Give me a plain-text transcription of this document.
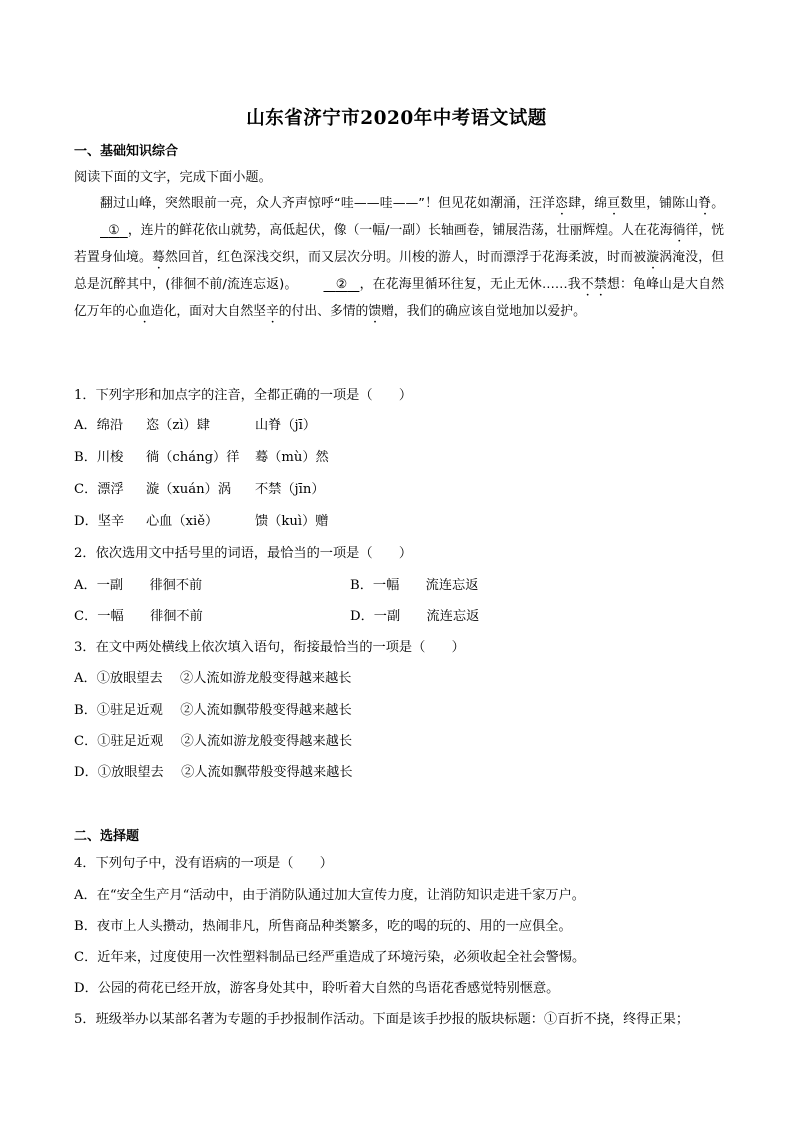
山东省济宁市2020年中考语文试题
一、基础知识综合
阅读下面的文字，完成下面小题。

翻过山峰，突然眼前一亮，众人齐声惊呼“哇——哇——”！但见花如潮涌，汪洋恣肆，绵亘数里，铺陈山脊。  ① ，连片的鲜花依山就势，高低起伏，像（一幅/一副）长轴画卷，铺展浩荡，壮丽辉煌。人在花海徜徉，恍若置身仙境。蓦然回首，红色深浅交织，而又层次分明。川梭的游人，时而漂浮于花海柔波，时而被漩涡淹没，但总是沉醉其中，(徘徊不前/流连忘返)。	② ，在花海里循环往复，无止无休……我不禁想：龟峰山是大自然亿万年的心血造化，面对大自然坚辛的付出、多情的馈赠，我们的确应该自觉地加以爱护。

1．下列字形和加点字的注音，全都正确的一项是（　　）
A．绵沿 恣（zì）肆	山脊（jī）
B．川梭 徜（cháng）徉 蓦（mù）然
C．漂浮 漩（xuán）涡 不禁（jīn）
D．坚辛 心血（xiě）	馈（kuì）赠
2．依次选用文中括号里的词语，最恰当的一项是（　　）
A．一副　　徘徊不前	B．一幅　　流连忘返
C．一幅　　徘徊不前	D．一副　　流连忘返
3．在文中两处横线上依次填入语句，衔接最恰当的一项是（　　）
A．①放眼望去　 ②人流如游龙般变得越来越长
B．①驻足近观　 ②人流如飘带般变得越来越长
C．①驻足近观　 ②人流如游龙般变得越来越长
D．①放眼望去　 ②人流如飘带般变得越来越长
二、选择题
4．下列句子中，没有语病的一项是（　　）
A．在“安全生产月“活动中，由于消防队通过加大宣传力度，让消防知识走进千家万户。
B．夜市上人头攒动，热闹非凡，所售商品种类繁多，吃的喝的玩的、用的一应俱全。
C．近年来，过度使用一次性塑料制品已经严重造成了环境污染，必须收起全社会警惕。
D．公园的荷花已经开放，游客身处其中，聆听着大自然的鸟语花香感觉特别惬意。
5．班级举办以某部名著为专题的手抄报制作活动。下面是该手抄报的版块标题：①百折不挠，终得正果；
